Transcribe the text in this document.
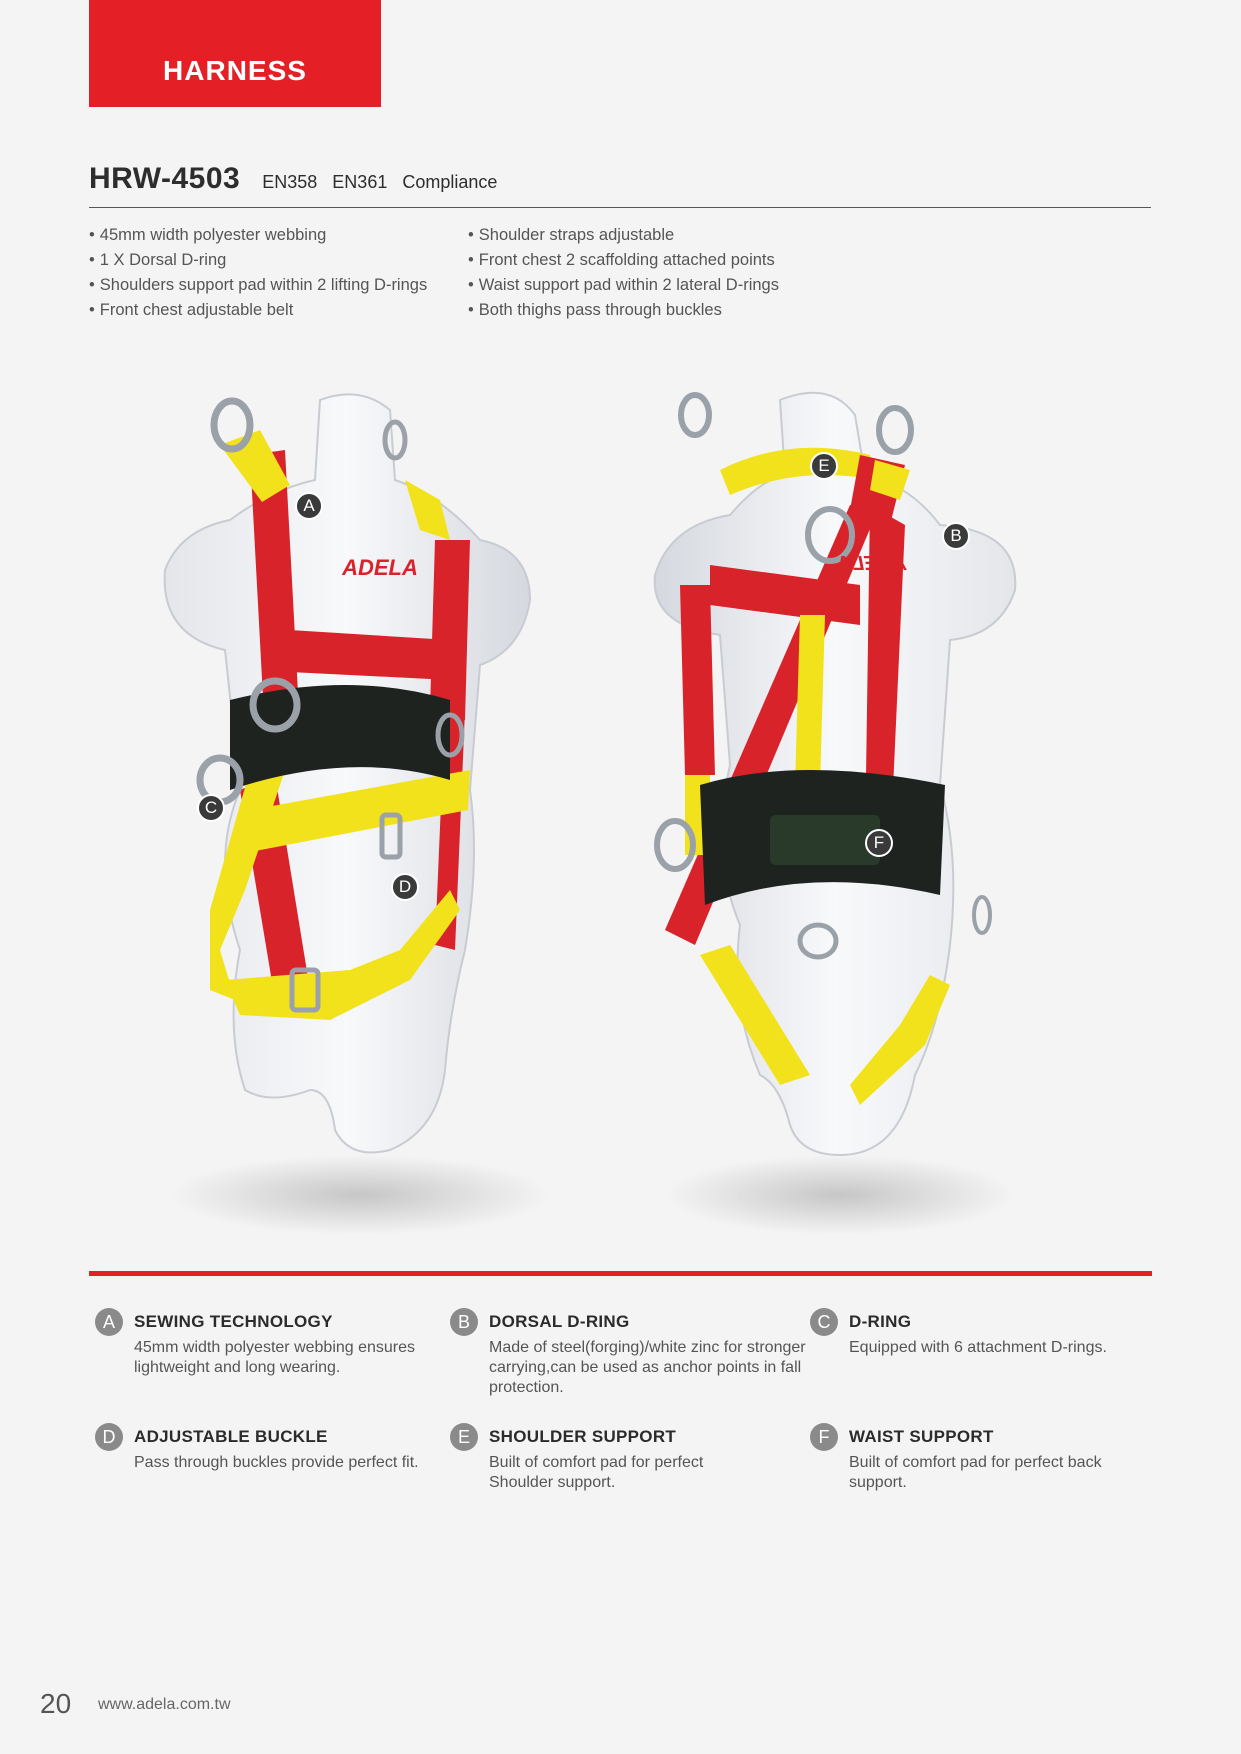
HARNESS
HRW-4503 EN358 EN361 Compliance
• 45mm width polyester webbing
• 1 X Dorsal D-ring
• Shoulders support pad within 2 lifting D-rings
• Front chest adjustable belt
• Shoulder straps adjustable
• Front chest 2 scaffolding attached points
• Waist support pad within 2 lateral D-rings
• Both thighs pass through buckles
ADELA
A
C
D
ADELA
E
B
F
A	SEWING TECHNOLOGY
45mm width polyester webbing ensures lightweight and long wearing.
B	DORSAL D-RING
Made of steel(forging)/white zinc for stronger carrying,can be used as anchor points in fall protection.
C	D-RING
Equipped with 6 attachment D-rings.
D	ADJUSTABLE BUCKLE
Pass through buckles provide perfect fit.
E	SHOULDER SUPPORT
Built of comfort pad for perfect Shoulder support.
F	WAIST SUPPORT
Built of comfort pad for perfect back support.
20 www.adela.com.tw
